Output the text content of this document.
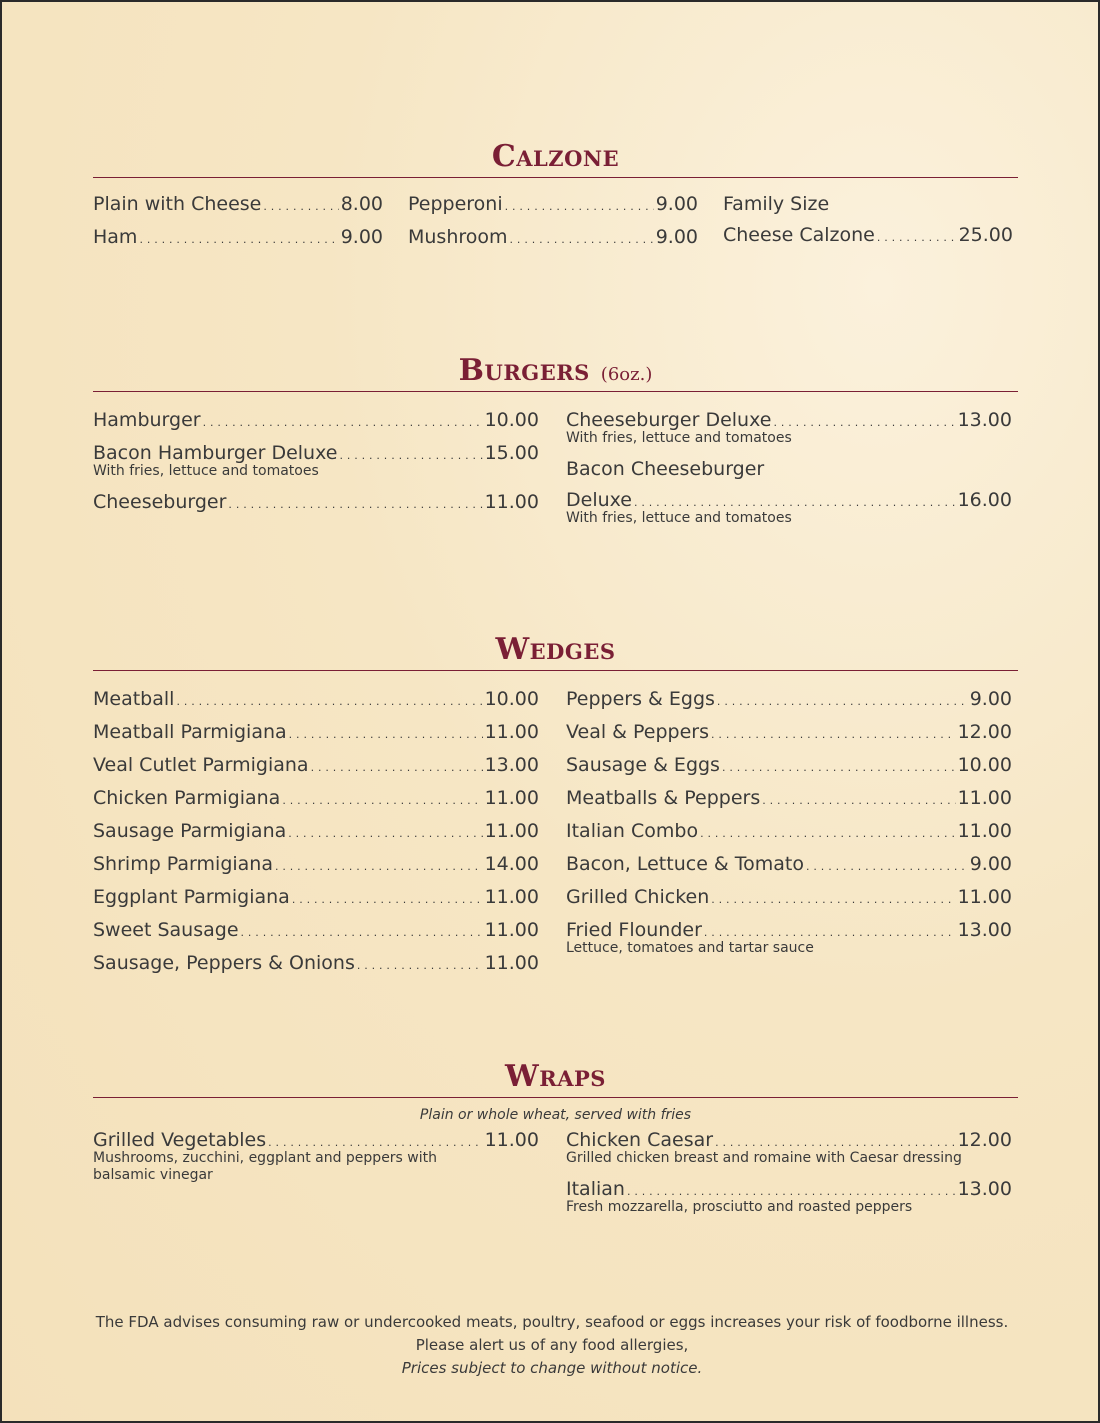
Calzone
Plain with Cheese . . .	8.00
Ham . . .	9.00
Pepperoni . . .	9.00
Mushroom . . .	9.00
Family Size
Cheese Calzone . . .	25.00
Burgers (6oz.)
Hamburger . . .	10.00
Bacon Hamburger Deluxe . . .	15.00
With fries, lettuce and tomatoes
Cheeseburger . . .	11.00
Cheeseburger Deluxe . . .	13.00
With fries, lettuce and tomatoes
Bacon Cheeseburger
Deluxe . . .	16.00
With fries, lettuce and tomatoes
Wedges
Meatball . . .	10.00
Meatball Parmigiana . . .	11.00
Veal Cutlet Parmigiana . . .	13.00
Chicken Parmigiana . . .	11.00
Sausage Parmigiana . . .	11.00
Shrimp Parmigiana . . .	14.00
Eggplant Parmigiana . . .	11.00
Sweet Sausage . . .	11.00
Sausage, Peppers & Onions . . .	11.00
Peppers & Eggs . . .	9.00
Veal & Peppers . . .	12.00
Sausage & Eggs . . .	10.00
Meatballs & Peppers . . .	11.00
Italian Combo . . .	11.00
Bacon, Lettuce & Tomato . . .	9.00
Grilled Chicken . . .	11.00
Fried Flounder . . .	13.00
Lettuce, tomatoes and tartar sauce
Wraps
Plain or whole wheat, served with fries
Grilled Vegetables . . .	11.00
Mushrooms, zucchini, eggplant and peppers with balsamic vinegar
Chicken Caesar . . .	12.00
Grilled chicken breast and romaine with Caesar dressing
Italian . . .	13.00
Fresh mozzarella, prosciutto and roasted peppers
The FDA advises consuming raw or undercooked meats, poultry, seafood or eggs increases your risk of foodborne illness.
Please alert us of any food allergies,
Prices subject to change without notice.
